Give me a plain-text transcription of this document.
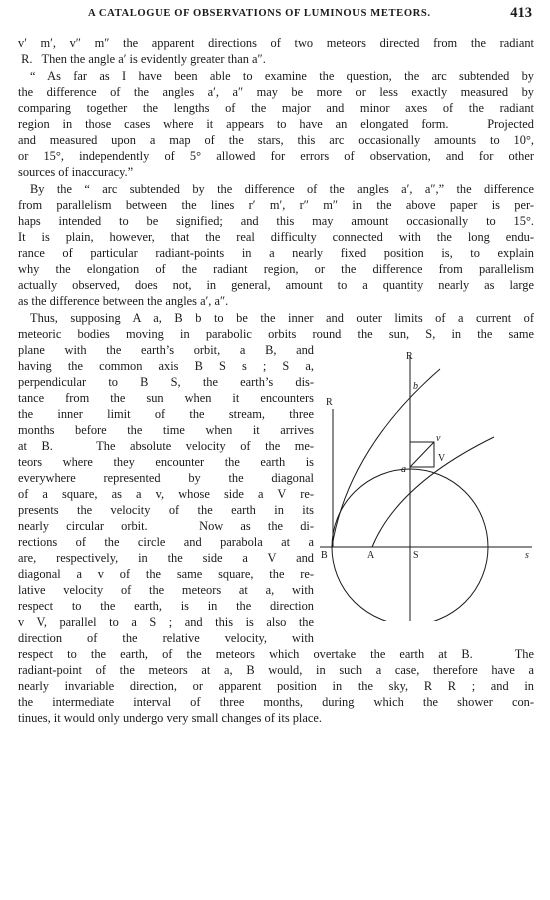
A CATALOGUE OF OBSERVATIONS OF LUMINOUS METEORS.	413
v′ m′, v″ m″ the apparent directions of two meteors directed from the radiant
R.   Then the angle a′ is evidently greater than a″.
“ As far as I have been able to examine the question, the arc subtended by
the difference of the angles a′, a″ may be more or less exactly measured by
comparing together the lengths of the major and minor axes of the radiant
region in those cases where it appears to have an elongated form.   Projected
and measured upon a map of the stars, this arc occasionally amounts to 10°,
or 15°, independently of 5° allowed for errors of observation, and for other
sources of inaccuracy.”
By the “ arc subtended by the difference of the angles a′, a″,” the difference
from parallelism between the lines r′ m′, r″ m″ in the above paper is per-
haps intended to be signified; and this may amount occasionally to 15°.
It is plain, however, that the real difficulty connected with the long endu-
rance of particular radiant-points in a nearly fixed position is, to explain
why the elongation of the radiant region, or the difference from parallelism
actually observed, does not, in general, amount to a quantity nearly as large
as the difference between the angles a′, a″.
Thus, supposing A a, B b to be the inner and outer limits of a current of
meteoric bodies moving in parabolic orbits round the sun, S, in the same
plane with the earth’s orbit, a B, and
having the common axis B S s ; S a,
perpendicular to B S, the earth’s dis-
tance from the sun when it encounters
the inner limit of the stream, three
months before the time when it arrives
at B.   The absolute velocity of the me-
teors where they encounter the earth is
everywhere represented by the diagonal
of a square, as a v, whose side a V re-
presents the velocity of the earth in its
nearly circular orbit.   Now as the di-
rections of the circle and parabola at a
are, respectively, in the side a V and
diagonal a v of the same square, the re-
lative velocity of the meteors at a, with
respect to the earth, is in the direction
v V, parallel to a S ; and this is also the
direction of the relative velocity, with
respect to the earth, of the meteors which overtake the earth at B.   The
radiant-point of the meteors at a, B would, in such a case, therefore have a
nearly invariable direction, or apparent position in the sky, R R ; and in
the intermediate interval of three months, during which the shower con-
tinues, it would only undergo very small changes of its place.
R
R
b
v
a
V
B	A	S	s
